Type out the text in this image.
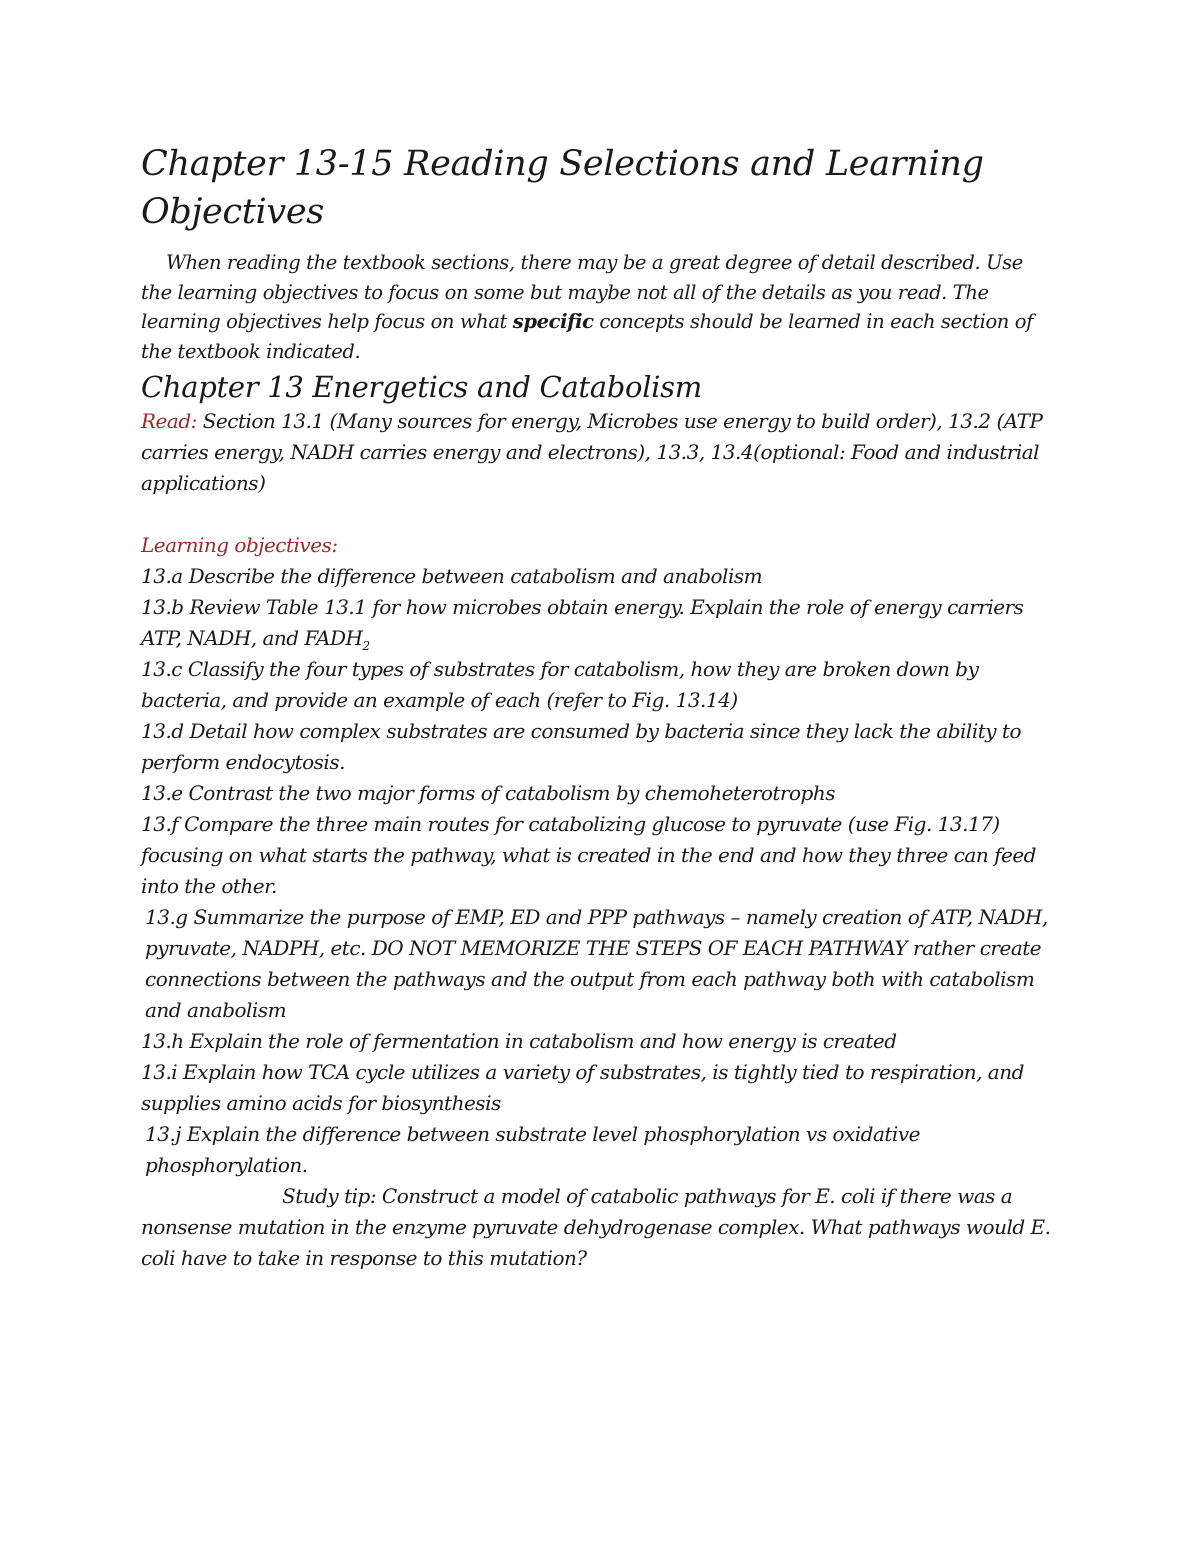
Chapter 13-15 Reading Selections and Learning Objectives

When reading the textbook sections, there may be a great degree of detail described. Use the learning objectives to focus on some but maybe not all of the details as you read. The learning objectives help focus on what specific concepts should be learned in each section of the textbook indicated.

Chapter 13 Energetics and Catabolism

Read: Section 13.1 (Many sources for energy, Microbes use energy to build order), 13.2 (ATP carries energy, NADH carries energy and electrons), 13.3, 13.4(optional: Food and industrial applications)

Learning objectives:

13.a Describe the difference between catabolism and anabolism

13.b Review Table 13.1 for how microbes obtain energy. Explain the role of energy carriers ATP, NADH, and $FADH_2$

13.c Classify the four types of substrates for catabolism, how they are broken down by bacteria, and provide an example of each (refer to Fig. 13.14)

13.d Detail how complex substrates are consumed by bacteria since they lack the ability to perform endocytosis.

13.e Contrast the two major forms of catabolism by chemoheterotrophs

13.f Compare the three main routes for catabolizing glucose to pyruvate (use Fig. 13.17) focusing on what starts the pathway, what is created in the end and how they three can feed into the other.

13.g Summarize the purpose of EMP, ED and PPP pathways – namely creation of ATP, NADH, pyruvate, NADPH, etc. DO NOT MEMORIZE THE STEPS OF EACH PATHWAY rather create connections between the pathways and the output from each pathway both with catabolism and anabolism

13.h Explain the role of fermentation in catabolism and how energy is created

13.i Explain how TCA cycle utilizes a variety of substrates, is tightly tied to respiration, and supplies amino acids for biosynthesis

13.j Explain the difference between substrate level phosphorylation vs oxidative phosphorylation.

Study tip: Construct a model of catabolic pathways for E. coli if there was a nonsense mutation in the enzyme pyruvate dehydrogenase complex. What pathways would E. coli have to take in response to this mutation?
